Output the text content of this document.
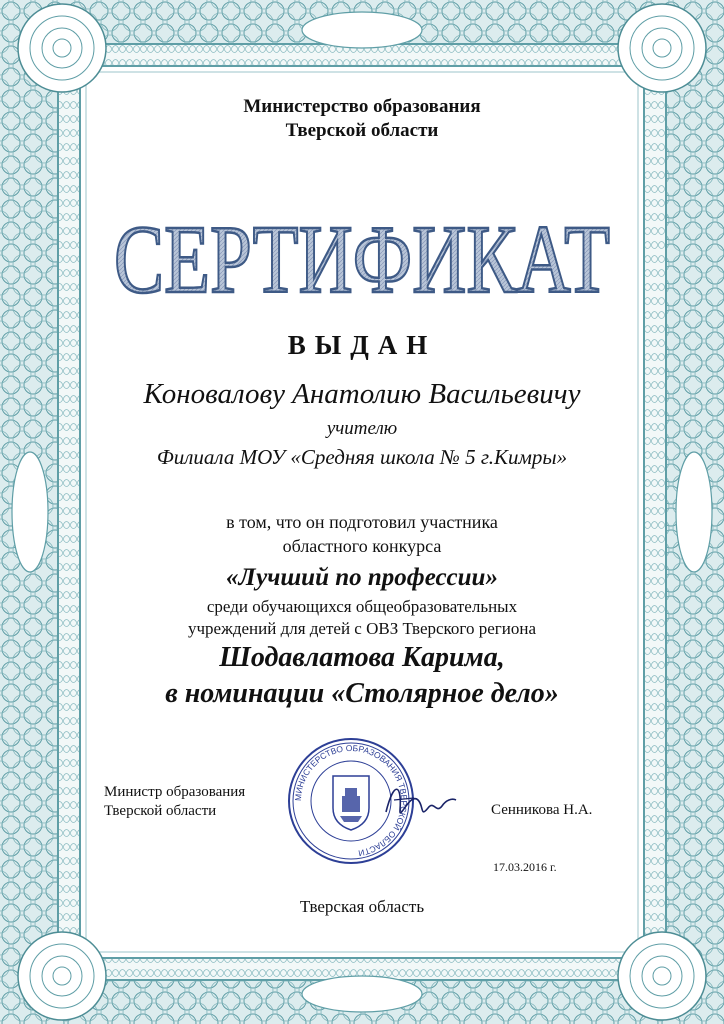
Министерство образования
Тверской области
СЕРТИФИКАТ
ВЫДАН
Коновалову Анатолию Васильевичу
учителю
Филиала МОУ «Средняя школа № 5 г.Кимры»
в том, что он подготовил участника
областного конкурса
«Лучший по профессии»
среди обучающихся общеобразовательных
учреждений для детей с ОВЗ Тверского региона
Шодавлатова Карима,
в номинации «Столярное дело»
МИНИСТЕРСТВО ОБРАЗОВАНИЯ ТВЕРСКОЙ ОБЛАСТИ
Министр образования
Тверской области	Сенникова Н.А.
17.03.2016 г.
Тверская область
